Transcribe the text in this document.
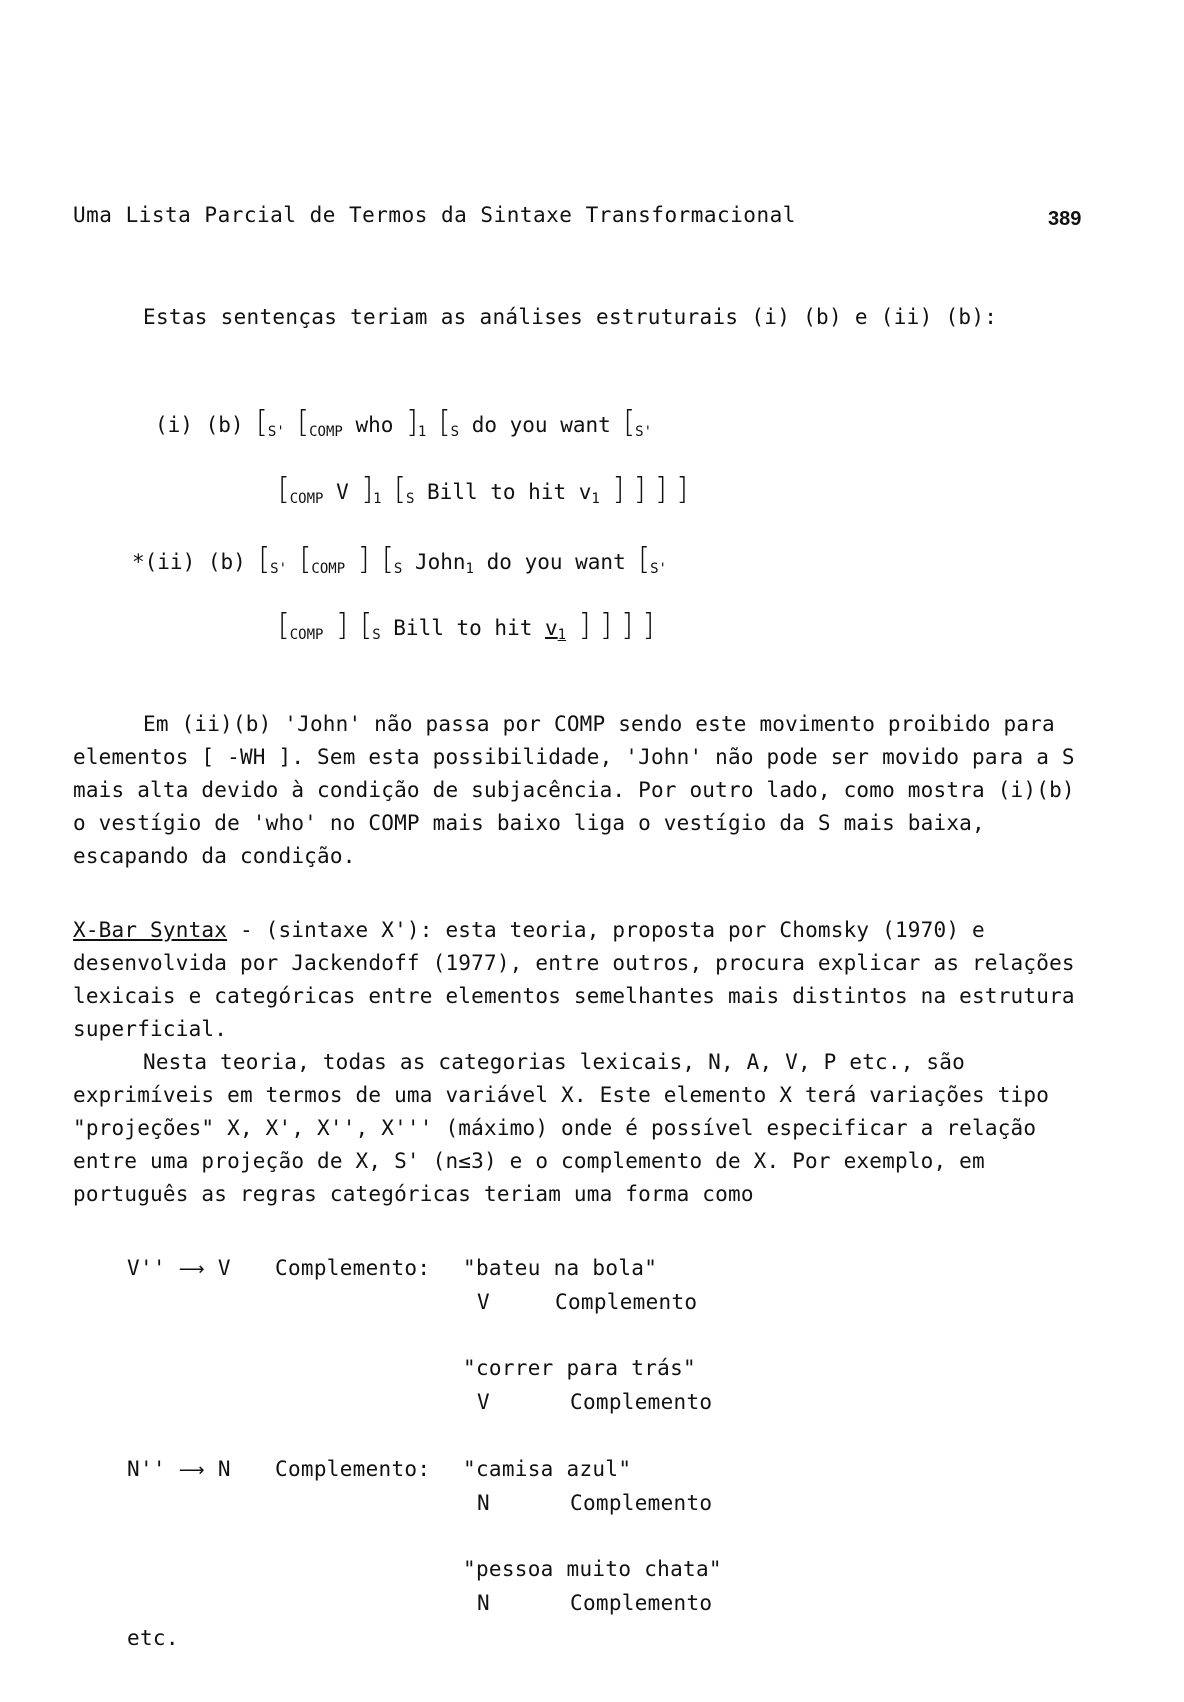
Uma Lista Parcial de Termos da Sintaxe Transformacional	389
Estas sentenças teriam as análises estruturais (i) (b) e (ii) (b):
(i) (b) [$_{S'}$ [$_{COMP}$ who ]$_1$ [$_S$ do you want [$_{S'}$
[$_{COMP}$ V ]$_1$ [$_S$ Bill to hit $v_1$ ] ] ] ]
*(ii) (b) [$_{S'}$ [$_{COMP}$ ] [$_S$ John$_1$ do you want [$_{S'}$
[$_{COMP}$ ] [$_S$ Bill to hit $v_1$ ] ] ] ]
Em (ii)(b) 'John' não passa por COMP sendo este movimento proibido para elementos [ -WH ]. Sem esta possibilidade, 'John' não pode ser movido para a S mais alta devido à condição de subjacência. Por outro lado, como mostra (i)(b) o vestígio de 'who' no COMP mais baixo liga o vestígio da S mais baixa, escapando da condição.
X-Bar Syntax - (sintaxe X'): esta teoria, proposta por Chomsky (1970) e desenvolvida por Jackendoff (1977), entre outros, procura explicar as relações lexicais e categóricas entre elementos semelhantes mais distintos na estrutura superficial.
Nesta teoria, todas as categorias lexicais, N, A, V, P etc., são exprimíveis em termos de uma variável X. Este elemento X terá variações tipo "projeções" X, X', X'', X''' (máximo) onde é possível especificar a relação entre uma projeção de X, S' (n≤3) e o complemento de X. Por exemplo, em português as regras categóricas teriam uma forma como
V'' ⟶ V Complemento: "bateu na bola"
V	Complemento
"correr para trás"
V	Complemento
N'' ⟶ N Complemento: "camisa azul"
N	Complemento
"pessoa muito chata"
N	Complemento
etc.
